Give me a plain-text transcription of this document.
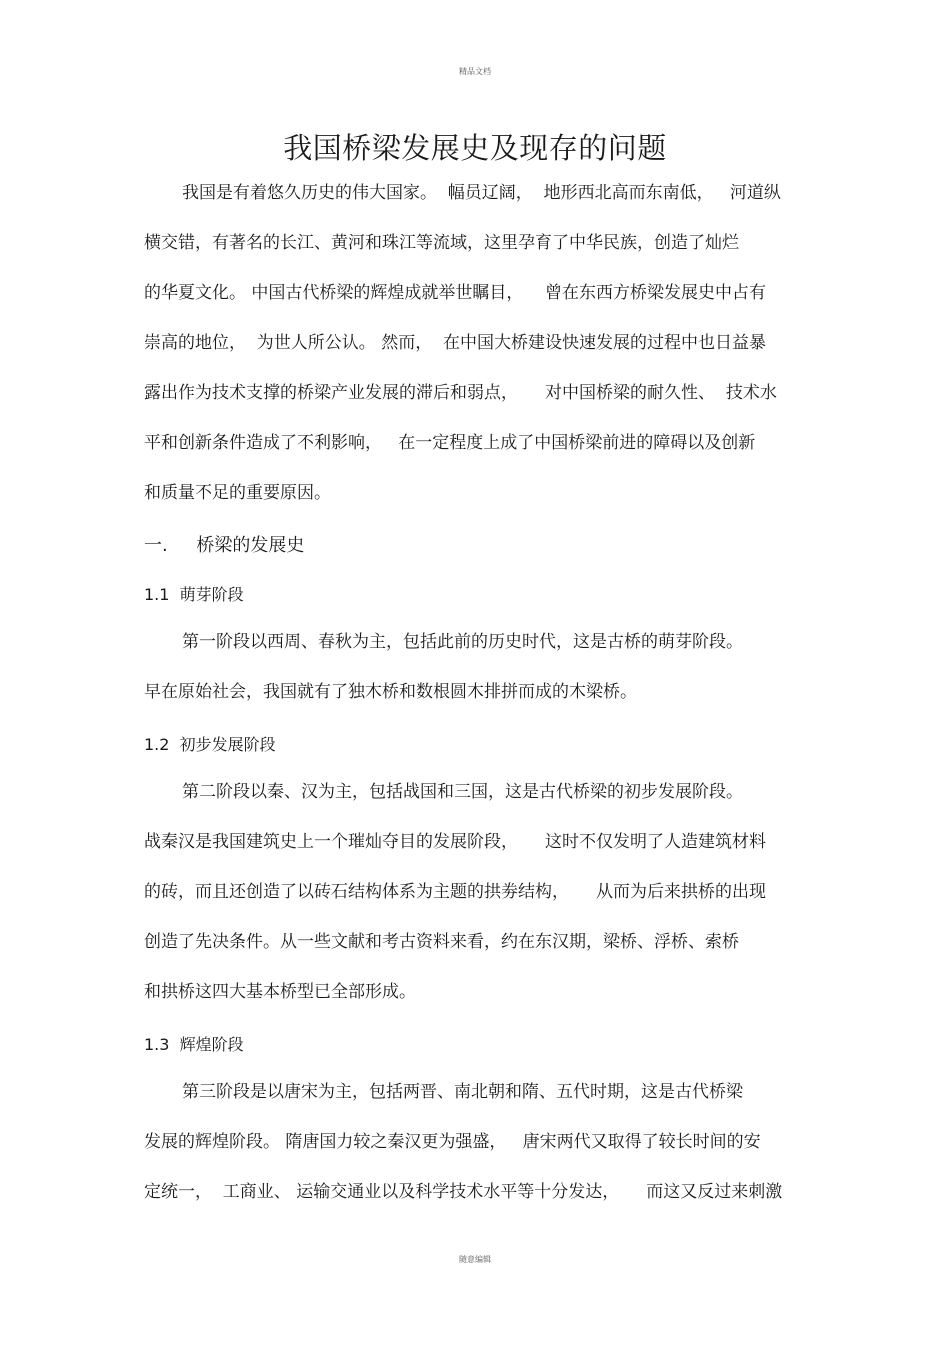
精品文档
我国桥梁发展史及现存的问题
我国是有着悠久历史的伟大国家。  幅员辽阔，  地形西北高而东南低，   河道纵
横交错，有著名的长江、黄河和珠江等流域，这里孕育了中华民族，创造了灿烂
的华夏文化。 中国古代桥梁的辉煌成就举世瞩目，    曾在东西方桥梁发展史中占有
崇高的地位，  为世人所公认。 然而，  在中国大桥建设快速发展的过程中也日益暴
露出作为技术支撑的桥梁产业发展的滞后和弱点，     对中国桥梁的耐久性、  技术水
平和创新条件造成了不利影响，   在一定程度上成了中国桥梁前进的障碍以及创新
和质量不足的重要原因。
一.     桥梁的发展史
1.1  萌芽阶段
第一阶段以西周、春秋为主，包括此前的历史时代，这是古桥的萌芽阶段。
早在原始社会，我国就有了独木桥和数根圆木排拼而成的木梁桥。
1.2  初步发展阶段
第二阶段以秦、汉为主，包括战国和三国，这是古代桥梁的初步发展阶段。
战秦汉是我国建筑史上一个璀灿夺目的发展阶段，     这时不仅发明了人造建筑材料
的砖，而且还创造了以砖石结构体系为主题的拱劵结构，     从而为后来拱桥的出现
创造了先决条件。从一些文献和考古资料来看，约在东汉期，梁桥、浮桥、索桥
和拱桥这四大基本桥型已全部形成。
1.3  辉煌阶段
第三阶段是以唐宋为主，包括两晋、南北朝和隋、五代时期，这是古代桥梁
发展的辉煌阶段。 隋唐国力较之秦汉更为强盛，   唐宋两代又取得了较长时间的安
定统一，  工商业、 运输交通业以及科学技术水平等十分发达，     而这又反过来刺激
随意编辑
